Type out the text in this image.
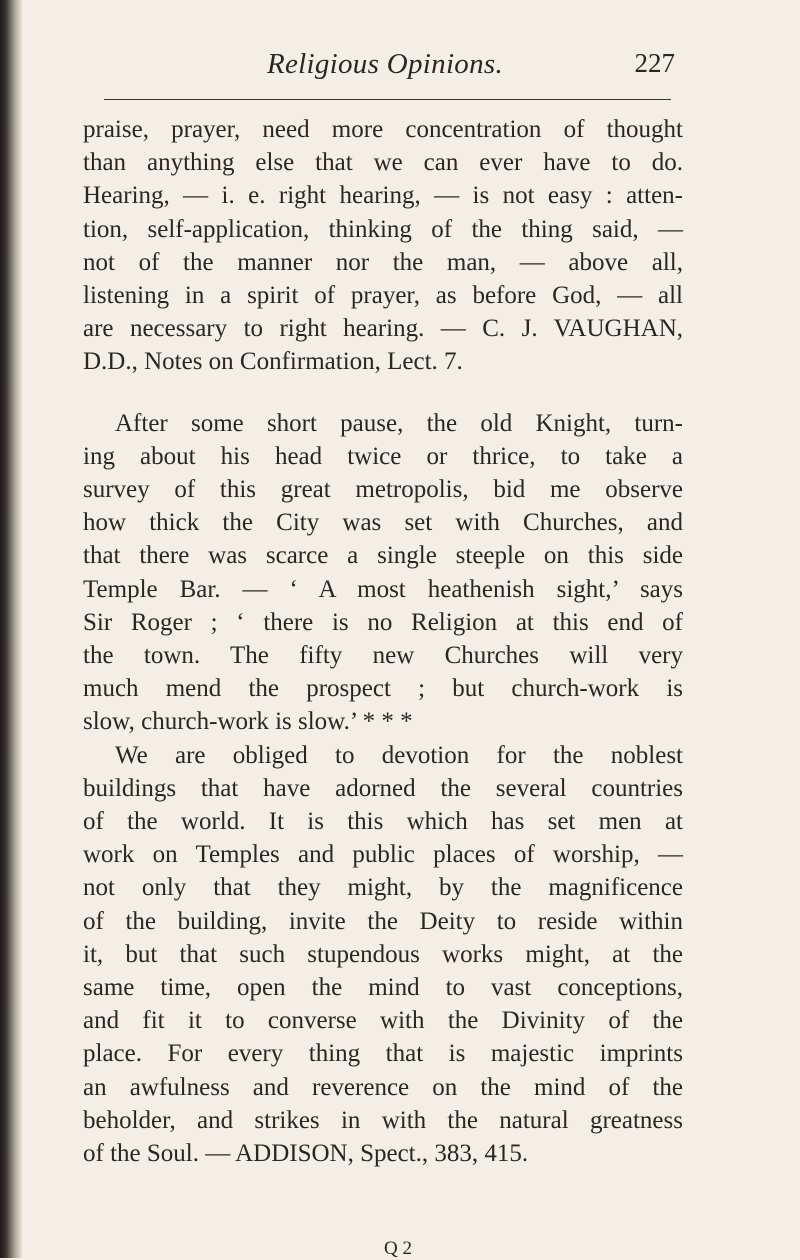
Religious Opinions.	227
praise, prayer, need more concentration of thought
than anything else that we can ever have to do.
Hearing, — i. e. right hearing, — is not easy : atten-
tion, self-application, thinking of the thing said, —
not of the manner nor the man, — above all,
listening in a spirit of prayer, as before God, — all
are necessary to right hearing. — C. J. VAUGHAN,
D.D., Notes on Confirmation, Lect. 7.
After some short pause, the old Knight, turn-
ing about his head twice or thrice, to take a
survey of this great metropolis, bid me observe
how thick the City was set with Churches, and
that there was scarce a single steeple on this side
Temple Bar. — ‘ A most heathenish sight,’ says
Sir Roger ; ‘ there is no Religion at this end of
the town. The fifty new Churches will very
much mend the prospect ; but church-work is
slow, church-work is slow.’ * * *
We are obliged to devotion for the noblest
buildings that have adorned the several countries
of the world. It is this which has set men at
work on Temples and public places of worship, —
not only that they might, by the magnificence
of the building, invite the Deity to reside within
it, but that such stupendous works might, at the
same time, open the mind to vast conceptions,
and fit it to converse with the Divinity of the
place. For every thing that is majestic imprints
an awfulness and reverence on the mind of the
beholder, and strikes in with the natural greatness
of the Soul. — ADDISON, Spect., 383, 415.
Q 2
